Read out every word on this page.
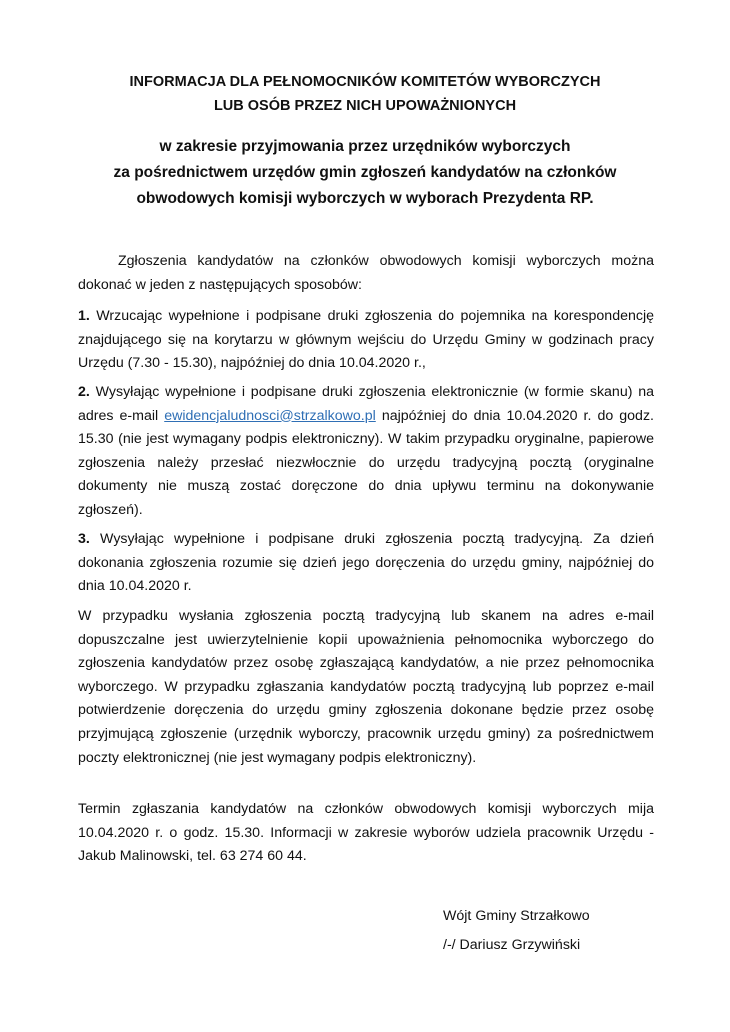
INFORMACJA DLA PEŁNOMOCNIKÓW KOMITETÓW WYBORCZYCH
LUB OSÓB PRZEZ NICH UPOWAŻNIONYCH
w zakresie przyjmowania przez urzędników wyborczych
za pośrednictwem urzędów gmin zgłoszeń kandydatów na członków
obwodowych komisji wyborczych w wyborach Prezydenta RP.

Zgłoszenia kandydatów na członków obwodowych komisji wyborczych można dokonać w jeden z następujących sposobów:

1. Wrzucając wypełnione i podpisane druki zgłoszenia do pojemnika na korespondencję znajdującego się na korytarzu w głównym wejściu do Urzędu Gminy w godzinach pracy Urzędu (7.30 - 15.30), najpóźniej do dnia 10.04.2020 r.,

2. Wysyłając wypełnione i podpisane druki zgłoszenia elektronicznie (w formie skanu) na adres e-mail ewidencjaludnosci@strzalkowo.pl najpóźniej do dnia 10.04.2020 r. do godz. 15.30 (nie jest wymagany podpis elektroniczny). W takim przypadku oryginalne, papierowe zgłoszenia należy przesłać niezwłocznie do urzędu tradycyjną pocztą (oryginalne dokumenty nie muszą zostać doręczone do dnia upływu terminu na dokonywanie zgłoszeń).

3. Wysyłając wypełnione i podpisane druki zgłoszenia pocztą tradycyjną. Za dzień dokonania zgłoszenia rozumie się dzień jego doręczenia do urzędu gminy, najpóźniej do dnia 10.04.2020 r.

W przypadku wysłania zgłoszenia pocztą tradycyjną lub skanem na adres e-mail dopuszczalne jest uwierzytelnienie kopii upoważnienia pełnomocnika wyborczego do zgłoszenia kandydatów przez osobę zgłaszającą kandydatów, a nie przez pełnomocnika wyborczego. W przypadku zgłaszania kandydatów pocztą tradycyjną lub poprzez e-mail potwierdzenie doręczenia do urzędu gminy zgłoszenia dokonane będzie przez osobę przyjmującą zgłoszenie (urzędnik wyborczy, pracownik urzędu gminy) za pośrednictwem poczty elektronicznej (nie jest wymagany podpis elektroniczny).

Termin zgłaszania kandydatów na członków obwodowych komisji wyborczych mija 10.04.2020 r. o godz. 15.30. Informacji w zakresie wyborów udziela pracownik Urzędu - Jakub Malinowski, tel. 63 274 60 44.

Wójt Gminy Strzałkowo

/-/ Dariusz Grzywiński
